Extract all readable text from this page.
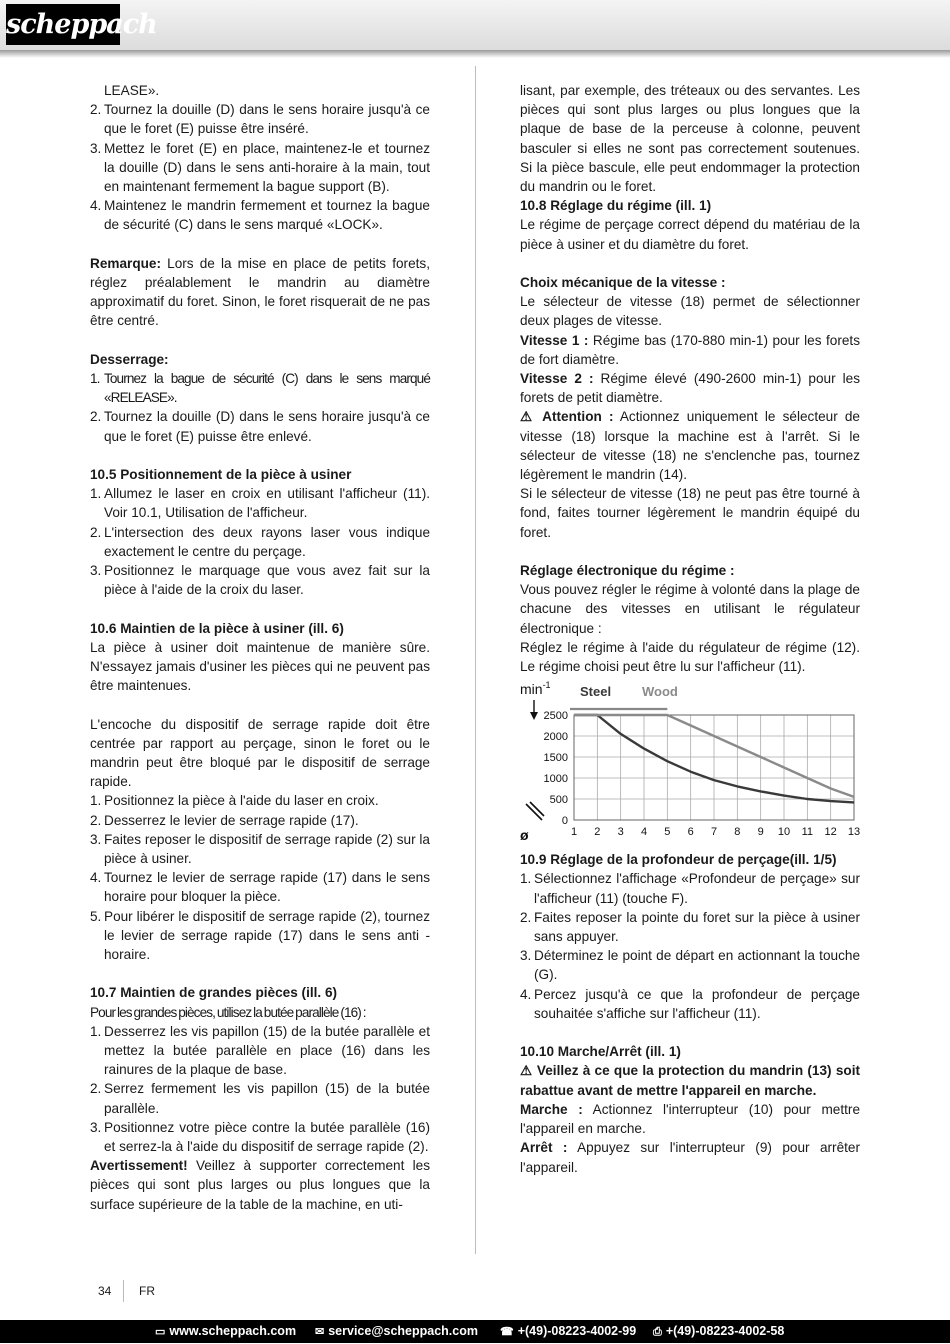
scheppach

LEASE».

2. Tournez la douille (D) dans le sens horaire jusqu'à ce que le foret (E) puisse être inséré.
3. Mettez le foret (E) en place, maintenez-le et tournez la douille (D) dans le sens anti-horaire à la main, tout en maintenant fermement la bague support (B).
4. Maintenez le mandrin fermement et tournez la bague de sécurité (C) dans le sens marqué «LOCK».

Remarque: Lors de la mise en place de petits forets, réglez préalablement le mandrin au diamètre approximatif du foret. Sinon, le foret risquerait de ne pas être centré.

Desserrage:

1. Tournez la bague de sécurité (C) dans le sens marqué «RELEASE».
2. Tournez la douille (D) dans le sens horaire jusqu'à ce que le foret (E) puisse être enlevé.

10.5 Positionnement de la pièce à usiner

1. Allumez le laser en croix en utilisant l'afficheur (11). Voir 10.1, Utilisation de l'afficheur.
2. L'intersection des deux rayons laser vous indique exactement le centre du perçage.
3. Positionnez le marquage que vous avez fait sur la pièce à l'aide de la croix du laser.

10.6 Maintien de la pièce à usiner (ill. 6)

La pièce à usiner doit maintenue de manière sûre. N'essayez jamais d'usiner les pièces qui ne peuvent pas être maintenues.

L'encoche du dispositif de serrage rapide doit être centrée par rapport au perçage, sinon le foret ou le mandrin peut être bloqué par le dispositif de serrage rapide.

1. Positionnez la pièce à l'aide du laser en croix.
2. Desserrez le levier de serrage rapide (17).
3. Faites reposer le dispositif de serrage rapide (2) sur la pièce à usiner.
4. Tournez le levier de serrage rapide (17) dans le sens horaire pour bloquer la pièce.
5. Pour libérer le dispositif de serrage rapide (2), tournez le levier de serrage rapide (17) dans le sens anti -horaire.

10.7 Maintien de grandes pièces (ill. 6)

Pour les grandes pièces, utilisez la butée parallèle (16) :

1. Desserrez les vis papillon (15) de la butée parallèle et mettez la butée parallèle en place (16) dans les rainures de la plaque de base.
2. Serrez fermement les vis papillon (15) de la butée parallèle.
3. Positionnez votre pièce contre la butée parallèle (16) et serrez-la à l'aide du dispositif de serrage rapide (2).

Avertissement! Veillez à supporter correctement les pièces qui sont plus larges ou plus longues que la surface supérieure de la table de la machine, en uti-

lisant, par exemple, des tréteaux ou des servantes. Les pièces qui sont plus larges ou plus longues que la plaque de base de la perceuse à colonne, peuvent basculer si elles ne sont pas correctement soutenues. Si la pièce bascule, elle peut endommager la protection du mandrin ou le foret.

10.8 Réglage du régime (ill. 1)

Le régime de perçage correct dépend du matériau de la pièce à usiner et du diamètre du foret.

Choix mécanique de la vitesse :

Le sélecteur de vitesse (18) permet de sélectionner deux plages de vitesse.

Vitesse 1 : Régime bas (170-880 min-1) pour les forets de fort diamètre.

Vitesse 2 : Régime élevé (490-2600 min-1) pour les forets de petit diamètre.

⚠ Attention : Actionnez uniquement le sélecteur de vitesse (18) lorsque la machine est à l'arrêt. Si le sélecteur de vitesse (18) ne s'enclenche pas, tournez légèrement le mandrin (14).

Si le sélecteur de vitesse (18) ne peut pas être tourné à fond, faites tourner légèrement le mandrin équipé du foret.

Réglage électronique du régime :

Vous pouvez régler le régime à volonté dans la plage de chacune des vitesses en utilisant le régulateur électronique :

Réglez le régime à l'aide du régulateur de régime (12). Le régime choisi peut être lu sur l'afficheur (11).

0
500
1000
1500
2000
2500
1 2 3 4 5 6 7 8 9 10 11 12 13
$\min^{-1}$
ø
Steel Wood

10.9 Réglage de la profondeur de perçage(ill. 1/5)

1. Sélectionnez l'affichage «Profondeur de perçage» sur l'afficheur (11) (touche F).
2. Faites reposer la pointe du foret sur la pièce à usiner sans appuyer.
3. Déterminez le point de départ en actionnant la touche (G).
4. Percez jusqu'à ce que la profondeur de perçage souhaitée s'affiche sur l'afficheur (11).

10.10 Marche/Arrêt (ill. 1)

⚠ Veillez à ce que la protection du mandrin (13) soit rabattue avant de mettre l'appareil en marche.

Marche : Actionnez l'interrupteur (10) pour mettre l'appareil en marche.

Arrêt : Appuyez sur l'interrupteur (9) pour arrêter l'appareil.

34 FR
▭ www.scheppach.com ✉ service@scheppach.com ☎ +(49)-08223-4002-99 ⎙ +(49)-08223-4002-58
